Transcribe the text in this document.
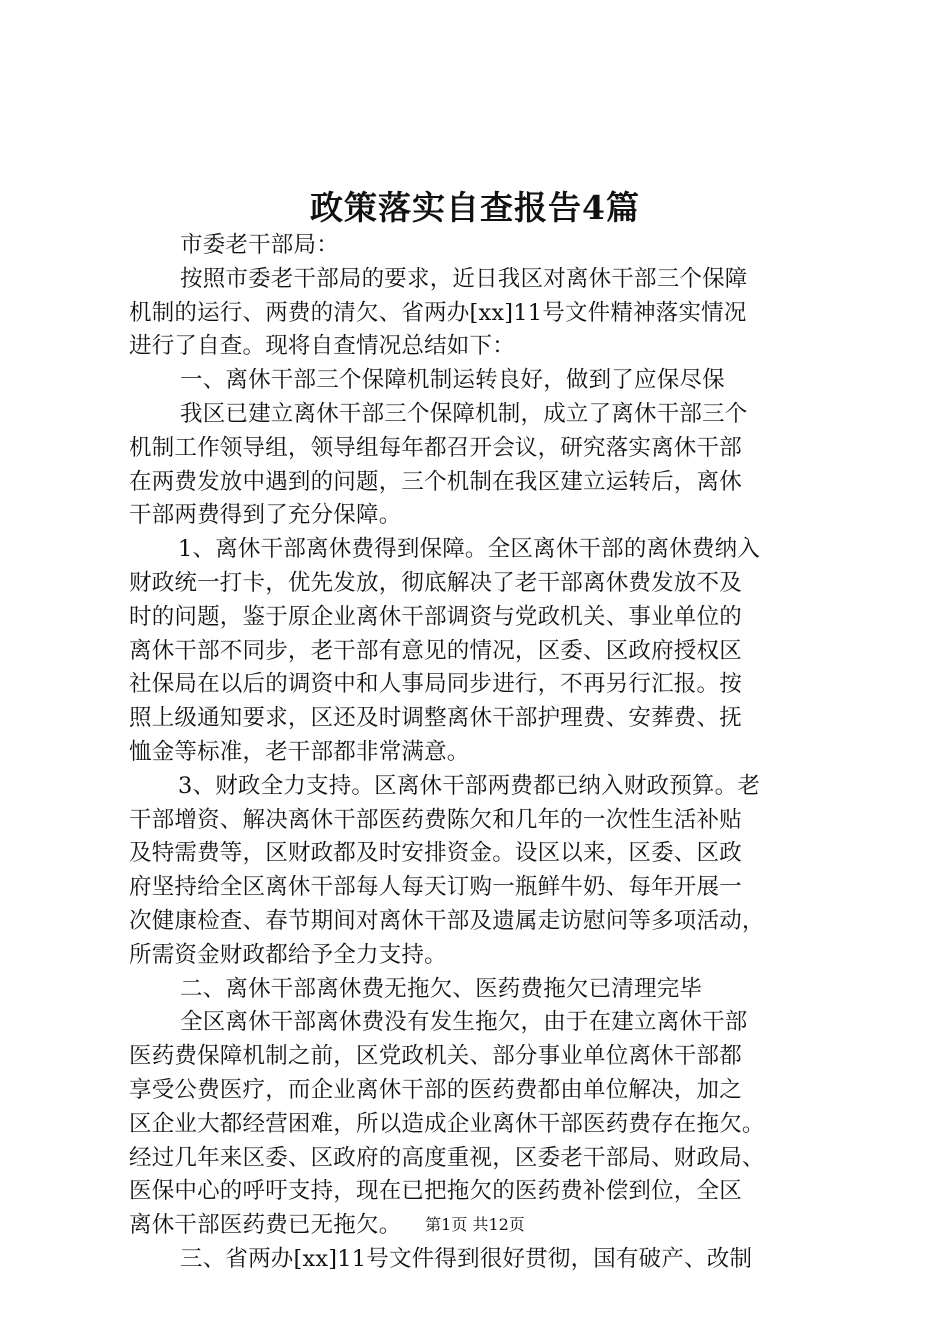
政策落实自查报告4篇
市委老干部局：
按照市委老干部局的要求，近日我区对离休干部三个保障
机制的运行、两费的清欠、省两办[xx]11号文件精神落实情况
进行了自查。现将自查情况总结如下：
一、离休干部三个保障机制运转良好，做到了应保尽保
我区已建立离休干部三个保障机制，成立了离休干部三个
机制工作领导组，领导组每年都召开会议，研究落实离休干部
在两费发放中遇到的问题，三个机制在我区建立运转后，离休
干部两费得到了充分保障。
1、离休干部离休费得到保障。全区离休干部的离休费纳入
财政统一打卡，优先发放，彻底解决了老干部离休费发放不及
时的问题，鉴于原企业离休干部调资与党政机关、事业单位的
离休干部不同步，老干部有意见的情况，区委、区政府授权区
社保局在以后的调资中和人事局同步进行，不再另行汇报。按
照上级通知要求，区还及时调整离休干部护理费、安葬费、抚
恤金等标准，老干部都非常满意。
3、财政全力支持。区离休干部两费都已纳入财政预算。老
干部增资、解决离休干部医药费陈欠和几年的一次性生活补贴
及特需费等，区财政都及时安排资金。设区以来，区委、区政
府坚持给全区离休干部每人每天订购一瓶鲜牛奶、每年开展一
次健康检查、春节期间对离休干部及遗属走访慰问等多项活动，
所需资金财政都给予全力支持。
二、离休干部离休费无拖欠、医药费拖欠已清理完毕
全区离休干部离休费没有发生拖欠，由于在建立离休干部
医药费保障机制之前，区党政机关、部分事业单位离休干部都
享受公费医疗，而企业离休干部的医药费都由单位解决，加之
区企业大都经营困难，所以造成企业离休干部医药费存在拖欠。
经过几年来区委、区政府的高度重视，区委老干部局、财政局、
医保中心的呼吁支持，现在已把拖欠的医药费补偿到位，全区
离休干部医药费已无拖欠。
三、省两办[xx]11号文件得到很好贯彻，国有破产、改制
第1页 共12页
